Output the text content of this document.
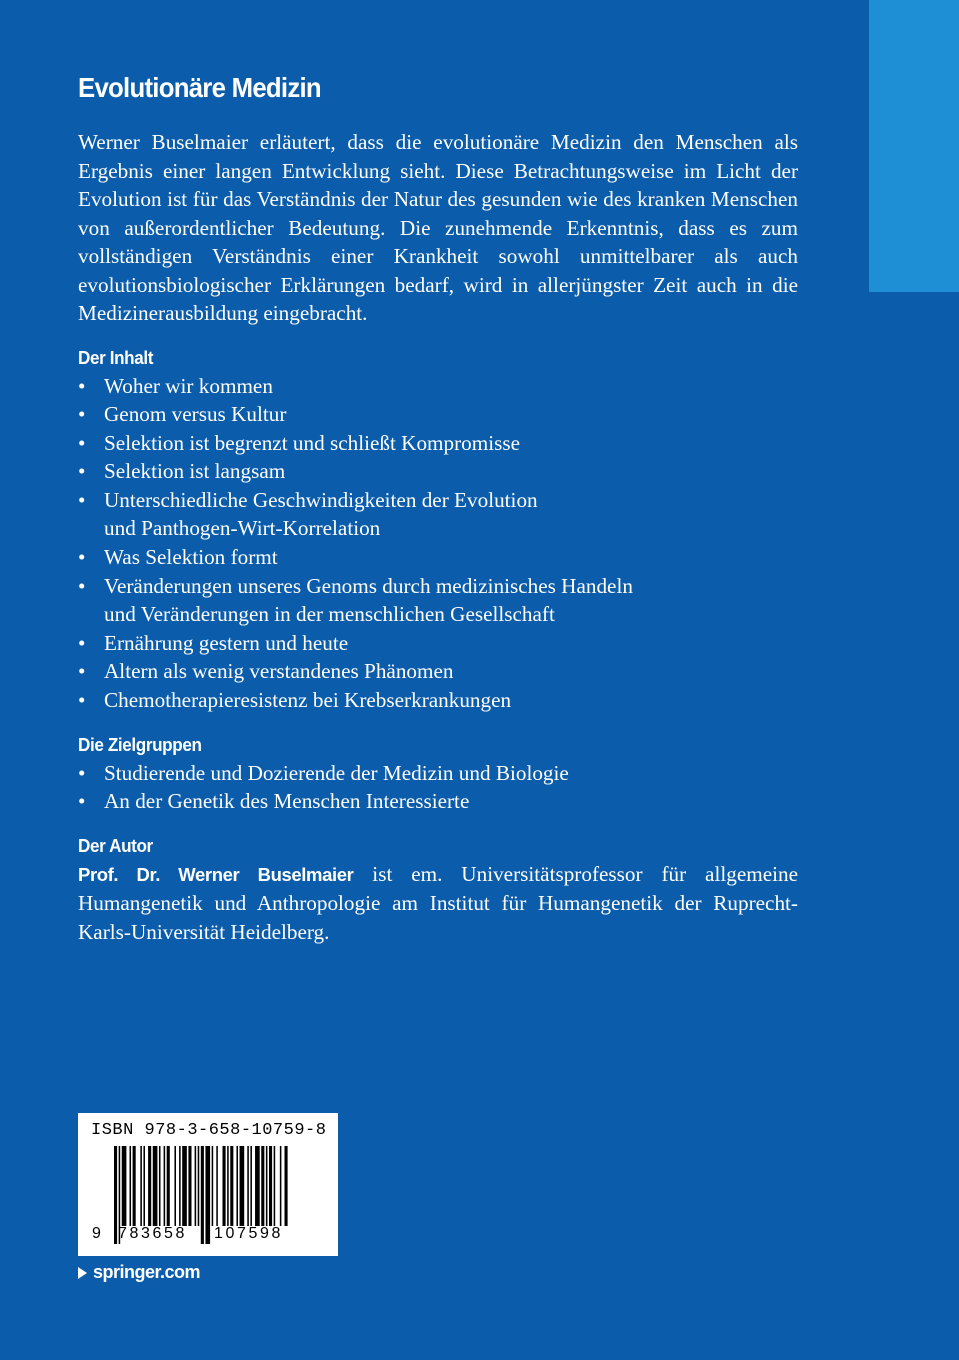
Evolutionäre Medizin

Werner Buselmaier erläutert, dass die evolutionäre Medizin den Menschen als Ergebnis einer langen Entwicklung sieht. Diese Betrachtungsweise im Licht der Evolution ist für das Verständnis der Natur des gesunden wie des kranken Menschen von außerordentlicher Bedeutung. Die zunehmende Erkenntnis, dass es zum vollständigen Verständnis einer Krankheit sowohl unmittelbarer als auch evolutionsbiologischer Erklärungen bedarf, wird in allerjüngster Zeit auch in die Medizinerausbildung eingebracht.

Der Inhalt
• Woher wir kommen
• Genom versus Kultur
• Selektion ist begrenzt und schließt Kompromisse
• Selektion ist langsam
• Unterschiedliche Geschwindigkeiten der Evolution
und Panthogen-Wirt-Korrelation
• Was Selektion formt
• Veränderungen unseres Genoms durch medizinisches Handeln
und Veränderungen in der menschlichen Gesellschaft
• Ernährung gestern und heute
• Altern als wenig verstandenes Phänomen
• Chemotherapieresistenz bei Krebserkrankungen
Die Zielgruppen
• Studierende und Dozierende der Medizin und Biologie
• An der Genetik des Menschen Interessierte
Der Autor

Prof. Dr. Werner Buselmaier ist em. Universitätsprofessor für allgemeine Humangenetik und Anthropologie am Institut für Humangenetik der Ruprecht-Karls-Universität Heidelberg.

ISBN 978-3-658-10759-8
9 783658 107598
springer.com
